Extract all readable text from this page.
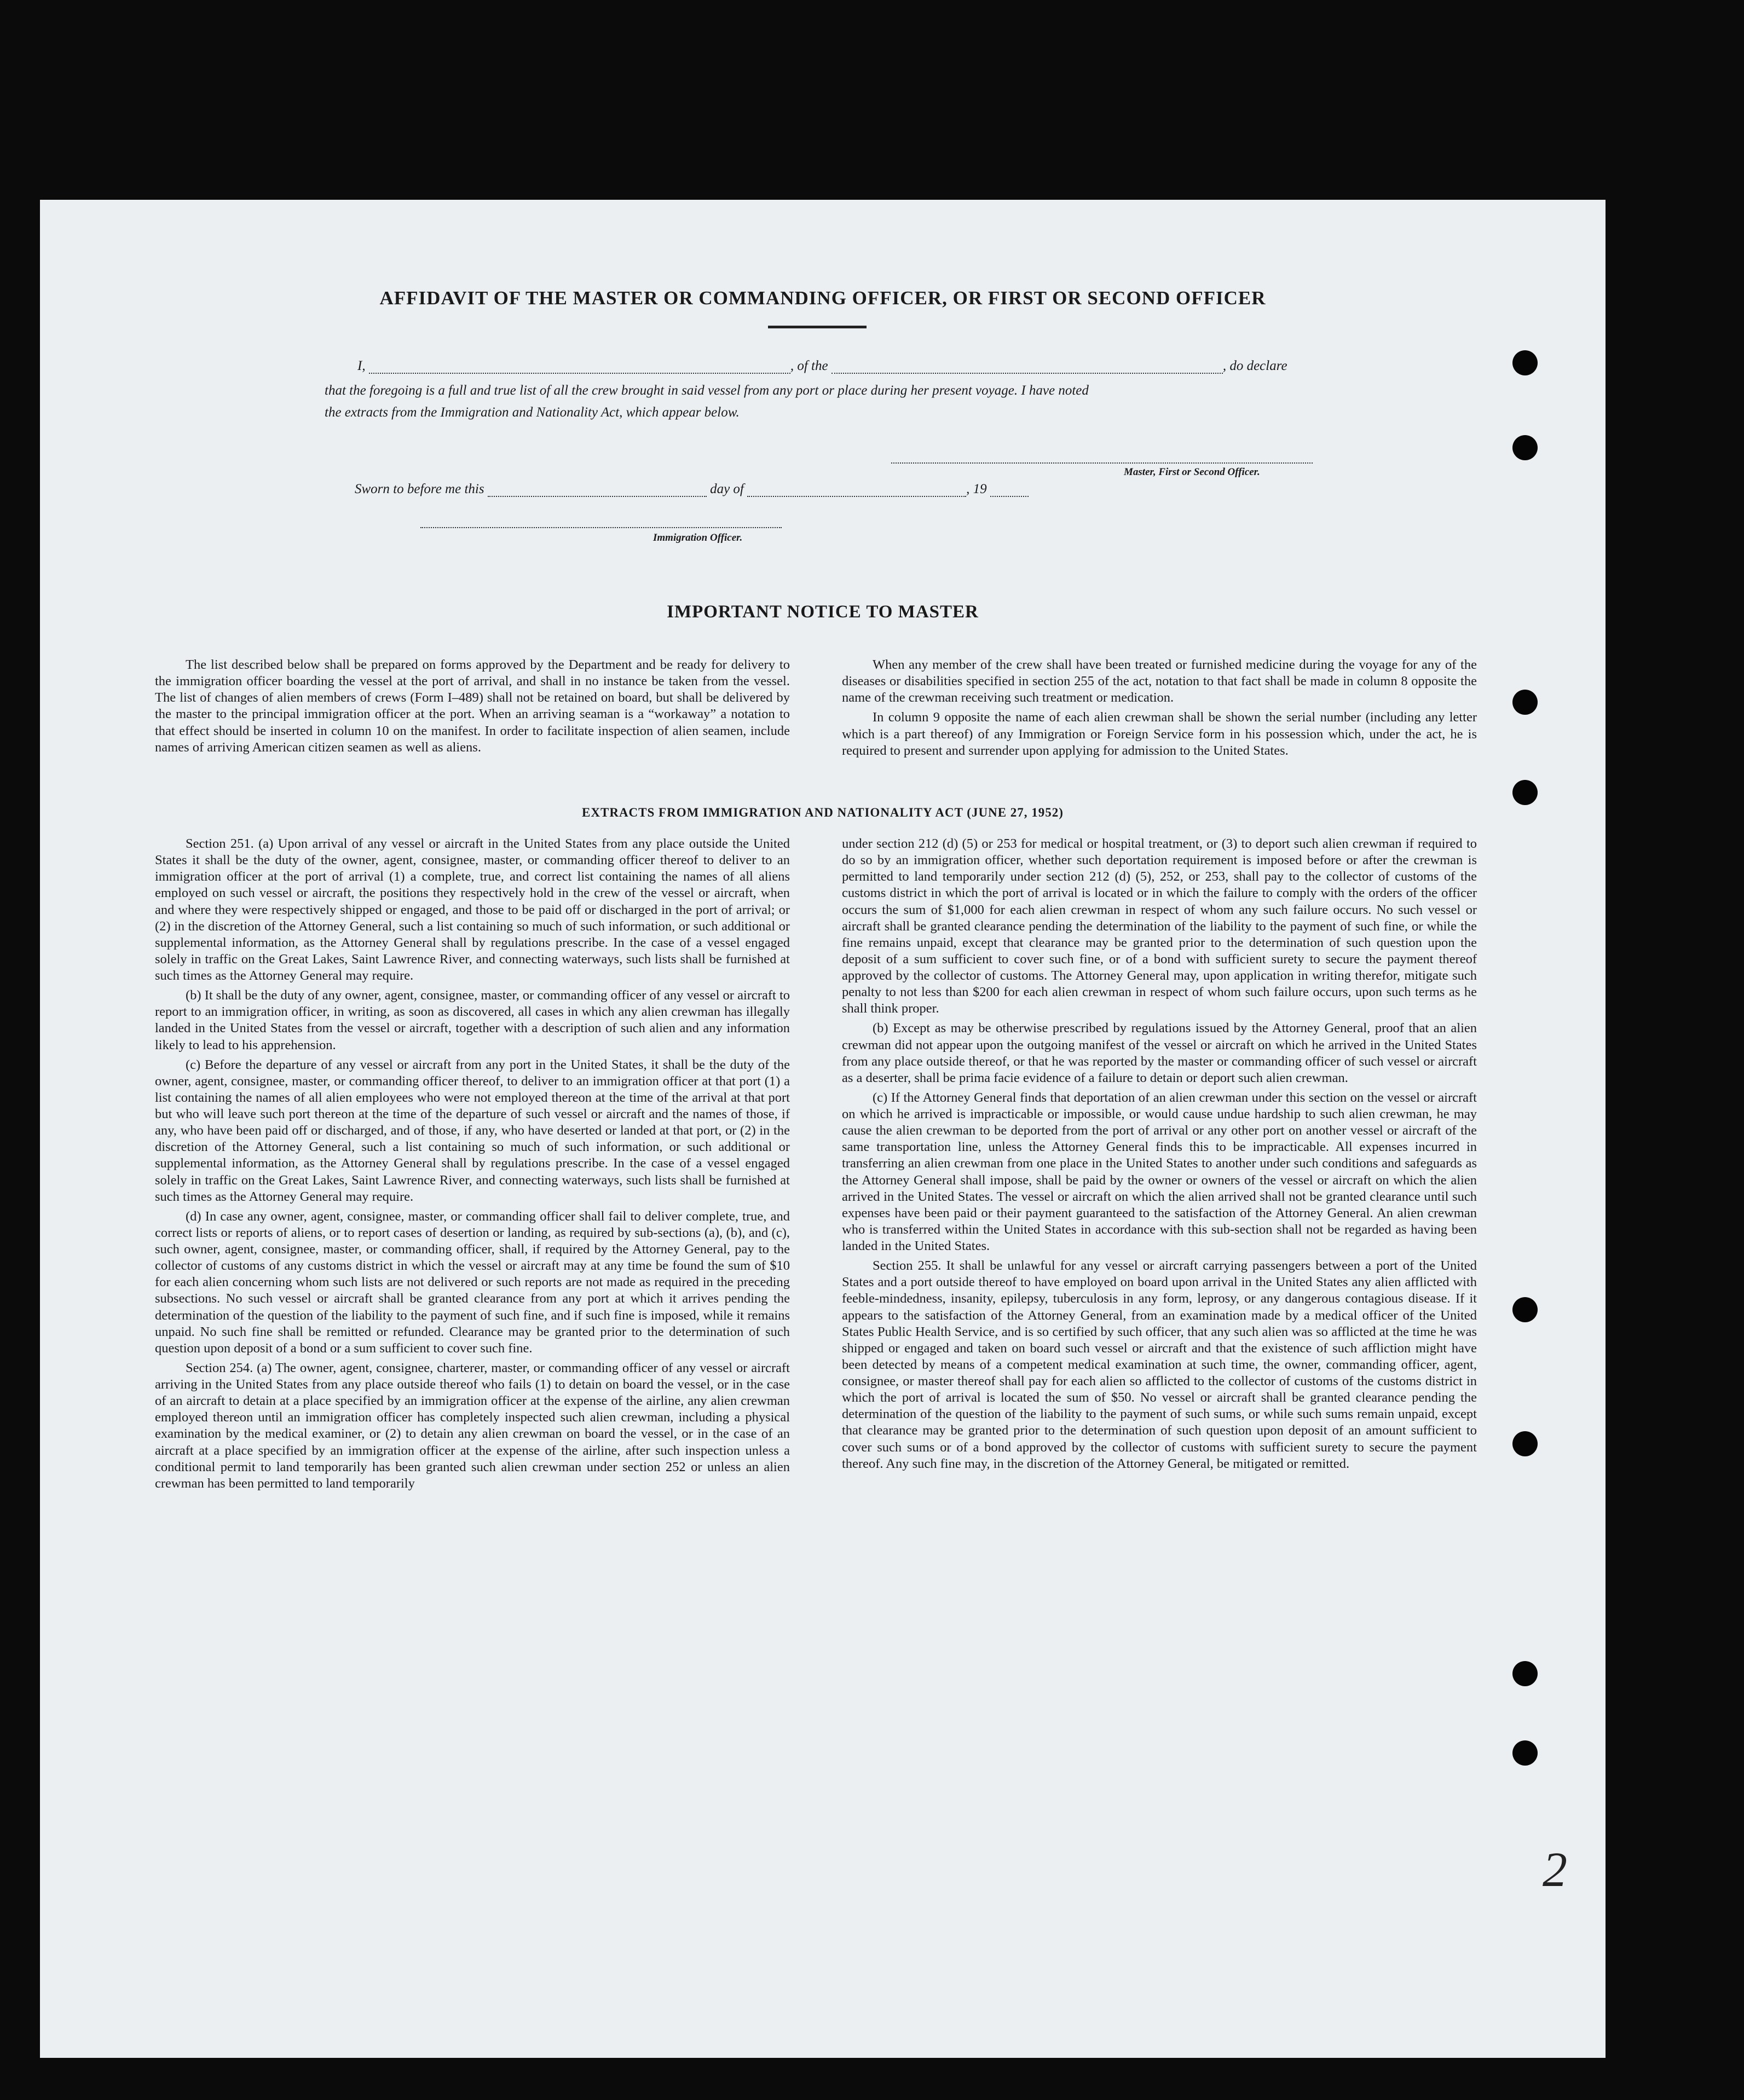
AFFIDAVIT OF THE MASTER OR COMMANDING OFFICER, OR FIRST OR SECOND OFFICER
I,	, of the	, do declare
that the foregoing is a full and true list of all the crew brought in said vessel from any port or place during her present voyage. I have noted
the extracts from the Immigration and Nationality Act, which appear below.
Master, First or Second Officer.
Sworn to before me this	day of	, 19
Immigration Officer.
IMPORTANT NOTICE TO MASTER

The list described below shall be prepared on forms approved by the Department and be ready for delivery to the immigration officer boarding the vessel at the port of arrival, and shall in no instance be taken from the vessel. The list of changes of alien members of crews (Form I–489) shall not be retained on board, but shall be delivered by the master to the principal immigration officer at the port. When an arriving seaman is a “workaway” a notation to that effect should be inserted in column 10 on the manifest. In order to facilitate inspection of alien seamen, include names of arriving American citizen seamen as well as aliens.

When any member of the crew shall have been treated or furnished medicine during the voyage for any of the diseases or disabilities specified in section 255 of the act, notation to that fact shall be made in column 8 opposite the name of the crewman receiving such treatment or medication.

In column 9 opposite the name of each alien crewman shall be shown the serial number (including any letter which is a part thereof) of any Immigration or Foreign Service form in his possession which, under the act, he is required to present and surrender upon applying for admission to the United States.

EXTRACTS FROM IMMIGRATION AND NATIONALITY ACT (JUNE 27, 1952)

Section 251. (a) Upon arrival of any vessel or aircraft in the United States from any place outside the United States it shall be the duty of the owner, agent, consignee, master, or commanding officer thereof to deliver to an immigration officer at the port of arrival (1) a complete, true, and correct list containing the names of all aliens employed on such vessel or aircraft, the positions they respectively hold in the crew of the vessel or aircraft, when and where they were respectively shipped or engaged, and those to be paid off or discharged in the port of arrival; or (2) in the discretion of the Attorney General, such a list containing so much of such information, or such additional or supplemental information, as the Attorney General shall by regulations prescribe. In the case of a vessel engaged solely in traffic on the Great Lakes, Saint Lawrence River, and connecting waterways, such lists shall be furnished at such times as the Attorney General may require.

(b) It shall be the duty of any owner, agent, consignee, master, or commanding officer of any vessel or aircraft to report to an immigration officer, in writing, as soon as discovered, all cases in which any alien crewman has illegally landed in the United States from the vessel or aircraft, together with a description of such alien and any information likely to lead to his apprehension.

(c) Before the departure of any vessel or aircraft from any port in the United States, it shall be the duty of the owner, agent, consignee, master, or commanding officer thereof, to deliver to an immigration officer at that port (1) a list containing the names of all alien employees who were not employed thereon at the time of the arrival at that port but who will leave such port thereon at the time of the departure of such vessel or aircraft and the names of those, if any, who have been paid off or discharged, and of those, if any, who have deserted or landed at that port, or (2) in the discretion of the Attorney General, such a list containing so much of such information, or such additional or supplemental information, as the Attorney General shall by regulations prescribe. In the case of a vessel engaged solely in traffic on the Great Lakes, Saint Lawrence River, and connecting waterways, such lists shall be furnished at such times as the Attorney General may require.

(d) In case any owner, agent, consignee, master, or commanding officer shall fail to deliver complete, true, and correct lists or reports of aliens, or to report cases of desertion or landing, as required by sub-sections (a), (b), and (c), such owner, agent, consignee, master, or commanding officer, shall, if required by the Attorney General, pay to the collector of customs of any customs district in which the vessel or aircraft may at any time be found the sum of $10 for each alien concerning whom such lists are not delivered or such reports are not made as required in the preceding subsections. No such vessel or aircraft shall be granted clearance from any port at which it arrives pending the determination of the question of the liability to the payment of such fine, and if such fine is imposed, while it remains unpaid. No such fine shall be remitted or refunded. Clearance may be granted prior to the determination of such question upon deposit of a bond or a sum sufficient to cover such fine.

Section 254. (a) The owner, agent, consignee, charterer, master, or commanding officer of any vessel or aircraft arriving in the United States from any place outside thereof who fails (1) to detain on board the vessel, or in the case of an aircraft to detain at a place specified by an immigration officer at the expense of the airline, any alien crewman employed thereon until an immigration officer has completely inspected such alien crewman, including a physical examination by the medical examiner, or (2) to detain any alien crewman on board the vessel, or in the case of an aircraft at a place specified by an immigration officer at the expense of the airline, after such inspection unless a conditional permit to land temporarily has been granted such alien crewman under section 252 or unless an alien crewman has been permitted to land temporarily

under section 212 (d) (5) or 253 for medical or hospital treatment, or (3) to deport such alien crewman if required to do so by an immigration officer, whether such deportation requirement is imposed before or after the crewman is permitted to land temporarily under section 212 (d) (5), 252, or 253, shall pay to the collector of customs of the customs district in which the port of arrival is located or in which the failure to comply with the orders of the officer occurs the sum of $1,000 for each alien crewman in respect of whom any such failure occurs. No such vessel or aircraft shall be granted clearance pending the determination of the liability to the payment of such fine, or while the fine remains unpaid, except that clearance may be granted prior to the determination of such question upon the deposit of a sum sufficient to cover such fine, or of a bond with sufficient surety to secure the payment thereof approved by the collector of customs. The Attorney General may, upon application in writing therefor, mitigate such penalty to not less than $200 for each alien crewman in respect of whom such failure occurs, upon such terms as he shall think proper.

(b) Except as may be otherwise prescribed by regulations issued by the Attorney General, proof that an alien crewman did not appear upon the outgoing manifest of the vessel or aircraft on which he arrived in the United States from any place outside thereof, or that he was reported by the master or commanding officer of such vessel or aircraft as a deserter, shall be prima facie evidence of a failure to detain or deport such alien crewman.

(c) If the Attorney General finds that deportation of an alien crewman under this section on the vessel or aircraft on which he arrived is impracticable or impossible, or would cause undue hardship to such alien crewman, he may cause the alien crewman to be deported from the port of arrival or any other port on another vessel or aircraft of the same transportation line, unless the Attorney General finds this to be impracticable. All expenses incurred in transferring an alien crewman from one place in the United States to another under such conditions and safeguards as the Attorney General shall impose, shall be paid by the owner or owners of the vessel or aircraft on which the alien arrived in the United States. The vessel or aircraft on which the alien arrived shall not be granted clearance until such expenses have been paid or their payment guaranteed to the satisfaction of the Attorney General. An alien crewman who is transferred within the United States in accordance with this sub-section shall not be regarded as having been landed in the United States.

Section 255. It shall be unlawful for any vessel or aircraft carrying passengers between a port of the United States and a port outside thereof to have employed on board upon arrival in the United States any alien afflicted with feeble-mindedness, insanity, epilepsy, tuberculosis in any form, leprosy, or any dangerous contagious disease. If it appears to the satisfaction of the Attorney General, from an examination made by a medical officer of the United States Public Health Service, and is so certified by such officer, that any such alien was so afflicted at the time he was shipped or engaged and taken on board such vessel or aircraft and that the existence of such affliction might have been detected by means of a competent medical examination at such time, the owner, commanding officer, agent, consignee, or master thereof shall pay for each alien so afflicted to the collector of customs of the customs district in which the port of arrival is located the sum of $50. No vessel or aircraft shall be granted clearance pending the determination of the question of the liability to the payment of such sums, or while such sums remain unpaid, except that clearance may be granted prior to the determination of such question upon deposit of an amount sufficient to cover such sums or of a bond approved by the collector of customs with sufficient surety to secure the payment thereof. Any such fine may, in the discretion of the Attorney General, be mitigated or remitted.

2
